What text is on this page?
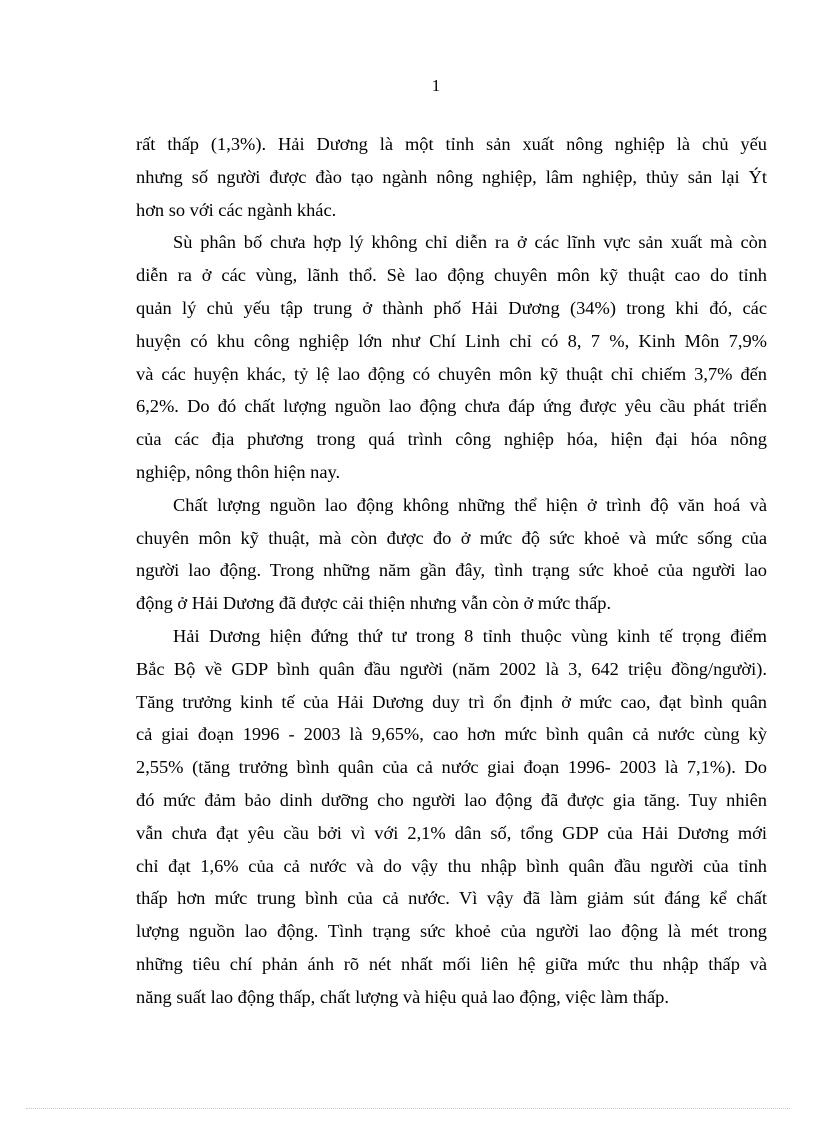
1

rất thấp (1,3%). Hải Dương là một tỉnh sản xuất nông nghiệp là chủ yếu
nhưng số người được đào tạo ngành nông nghiệp, lâm nghiệp, thủy sản lại Ýt
hơn so với các ngành khác.

Sù phân bố chưa hợp lý không chỉ diễn ra ở các lĩnh vực sản xuất mà còn
diễn ra ở các vùng, lãnh thổ. Sè lao động chuyên môn kỹ thuật cao do tỉnh
quản lý chủ yếu tập trung ở thành phố Hải Dương (34%) trong khi đó, các
huyện có khu công nghiệp lớn như Chí Linh chỉ có 8, 7 %, Kinh Môn 7,9%
và các huyện khác, tỷ lệ lao động có chuyên môn kỹ thuật chỉ chiếm 3,7% đến
6,2%. Do đó chất lượng nguồn lao động chưa đáp ứng được yêu cầu phát triển
của các địa phương trong quá trình công nghiệp hóa, hiện đại hóa nông
nghiệp, nông thôn hiện nay.

Chất lượng nguồn lao động không những thể hiện ở trình độ văn hoá và
chuyên môn kỹ thuật, mà còn được đo ở mức độ sức khoẻ và mức sống của
người lao động. Trong những năm gần đây, tình trạng sức khoẻ của người lao
động ở Hải Dương đã được cải thiện nhưng vẫn còn ở mức thấp.

Hải Dương hiện đứng thứ tư trong 8 tỉnh thuộc vùng kinh tế trọng điểm
Bắc Bộ về GDP bình quân đầu người (năm 2002 là 3, 642 triệu đồng/người).
Tăng trưởng kinh tế của Hải Dương duy trì ổn định ở mức cao, đạt bình quân
cả giai đoạn 1996 - 2003 là 9,65%, cao hơn mức bình quân cả nước cùng kỳ
2,55% (tăng trưởng bình quân của cả nước giai đoạn 1996- 2003 là 7,1%). Do
đó mức đảm bảo dinh dưỡng cho người lao động đã được gia tăng. Tuy nhiên
vẫn chưa đạt yêu cầu bởi vì với 2,1% dân số, tổng GDP của Hải Dương mới
chỉ đạt 1,6% của cả nước và do vậy thu nhập bình quân đầu người của tỉnh
thấp hơn mức trung bình của cả nước. Vì vậy đã làm giảm sút đáng kể chất
lượng nguồn lao động. Tình trạng sức khoẻ của người lao động là mét trong
những tiêu chí phản ánh rõ nét nhất mối liên hệ giữa mức thu nhập thấp và
năng suất lao động thấp, chất lượng và hiệu quả lao động, việc làm thấp.
